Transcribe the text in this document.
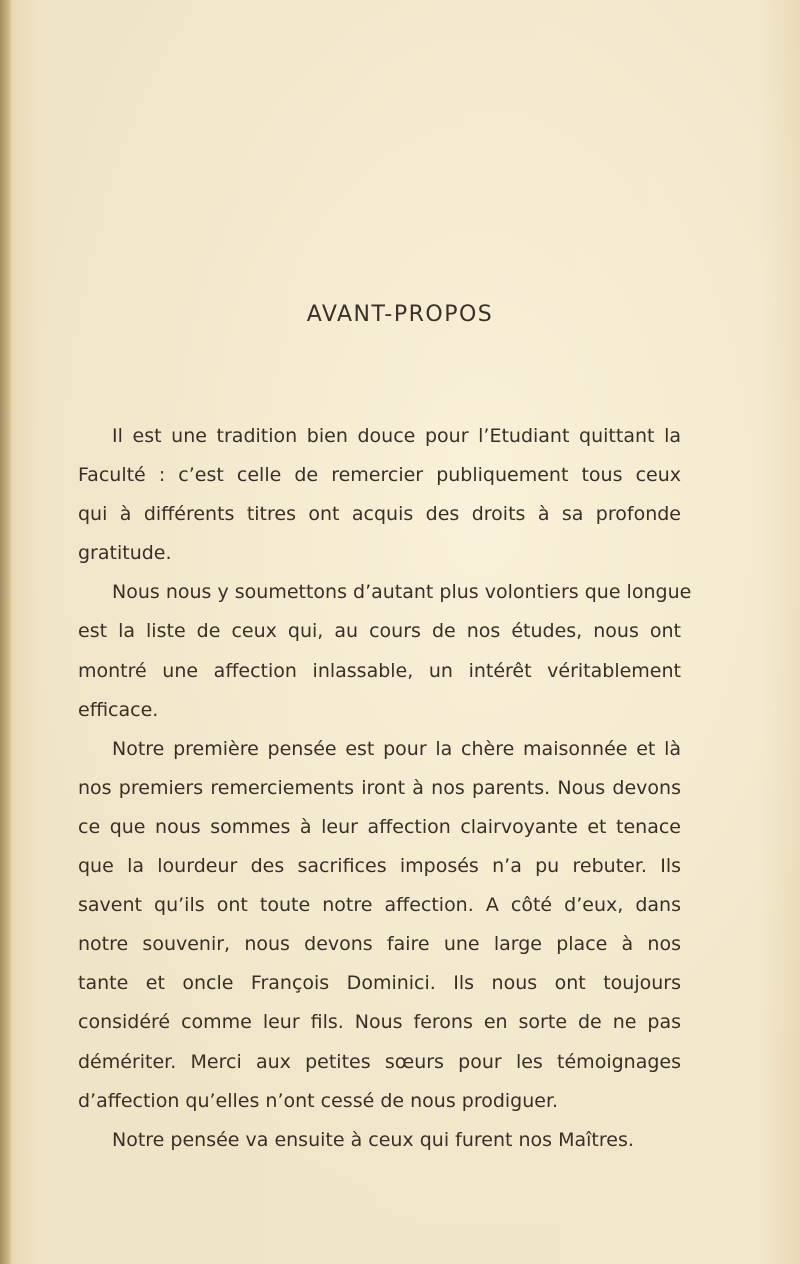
AVANT-PROPOS
Il est une tradition bien douce pour l’Etudiant quittant la
Faculté : c’est celle de remercier publiquement tous ceux
qui à différents titres ont acquis des droits à sa profonde
gratitude.
Nous nous y soumettons d’autant plus volontiers que longue
est la liste de ceux qui, au cours de nos études, nous ont
montré une affection inlassable, un intérêt véritablement
efficace.
Notre première pensée est pour la chère maisonnée et là
nos premiers remerciements iront à nos parents. Nous devons
ce que nous sommes à leur affection clairvoyante et tenace
que la lourdeur des sacrifices imposés n’a pu rebuter. Ils
savent qu’ils ont toute notre affection. A côté d’eux, dans
notre souvenir, nous devons faire une large place à nos
tante et oncle François Dominici. Ils nous ont toujours
considéré comme leur fils. Nous ferons en sorte de ne pas
démériter. Merci aux petites sœurs pour les témoignages
d’affection qu’elles n’ont cessé de nous prodiguer.
Notre pensée va ensuite à ceux qui furent nos Maîtres.
